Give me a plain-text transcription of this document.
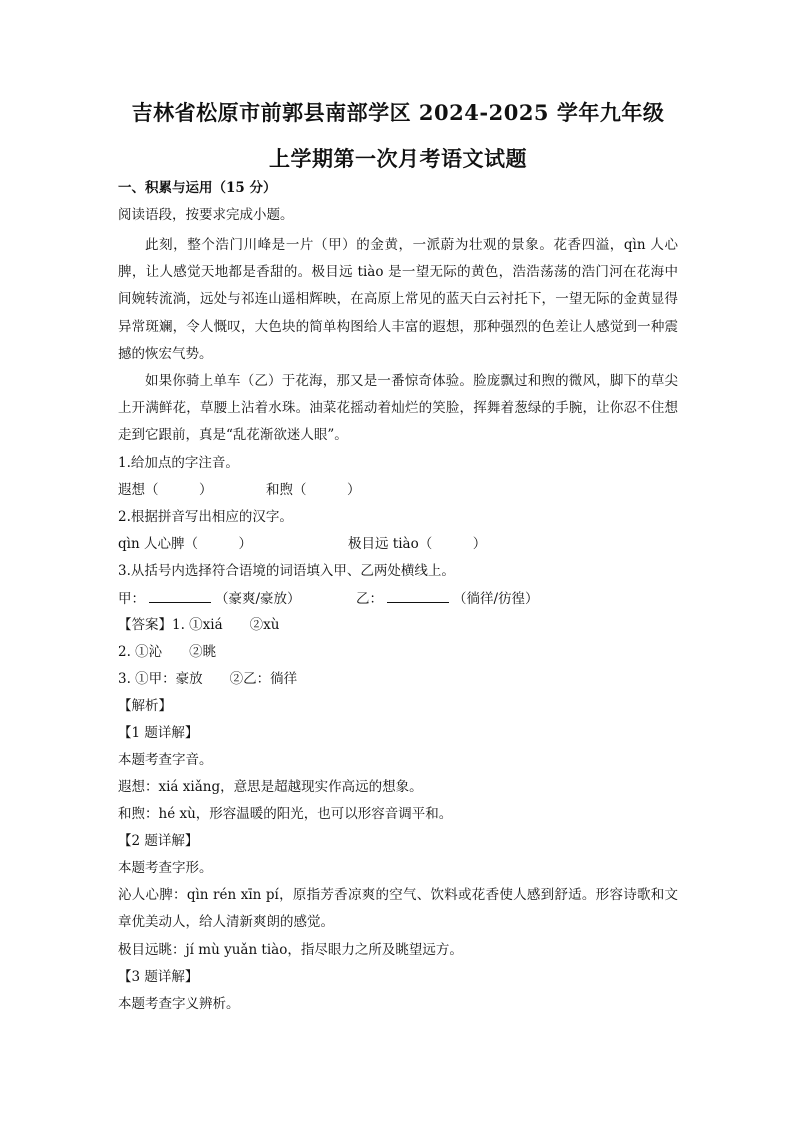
吉林省松原市前郭县南部学区 2024-2025 学年九年级
上学期第一次月考语文试题
一、积累与运用（15 分）
阅读语段，按要求完成小题。
此刻，整个浩门川峰是一片（甲）的金黄，一派蔚为壮观的景象。花香四溢，qìn 人心脾，让人感觉天地都是香甜的。极目远 tiào 是一望无际的黄色，浩浩荡荡的浩门河在花海中间婉转流淌，远处与祁连山遥相辉映，在高原上常见的蓝天白云衬托下，一望无际的金黄显得异常斑斓，令人慨叹，大色块的简单构图给人丰富的遐想，那种强烈的色差让人感觉到一种震撼的恢宏气势。
如果你骑上单车（乙）于花海，那又是一番惊奇体验。脸庞飘过和煦的微风，脚下的草尖上开满鲜花，草腰上沾着水珠。油菜花摇动着灿烂的笑脸，挥舞着葱绿的手腕，让你忍不住想走到它跟前，真是“乱花渐欲迷人眼”。
1.给加点的字注音。
遐想（　　　）	和煦（　　　）
2.根据拼音写出相应的汉字。
qìn 人心脾（　　　）	极目远 tiào（　　　）
3.从括号内选择符合语境的词语填入甲、乙两处横线上。
甲：	（豪爽/豪放）	乙：	（徜徉/彷徨）
【答案】1. ①xiá　　②xù
2. ①沁　　②眺
3. ①甲：豪放　　②乙：徜徉
【解析】
【1 题详解】
本题考查字音。
遐想：xiá xiǎng，意思是超越现实作高远的想象。
和煦：hé xù，形容温暖的阳光，也可以形容音调平和。
【2 题详解】
本题考查字形。
沁人心脾：qìn rén xīn pí，原指芳香凉爽的空气、饮料或花香使人感到舒适。形容诗歌和文章优美动人，给人清新爽朗的感觉。
极目远眺：jí mù yuǎn tiào，指尽眼力之所及眺望远方。
【3 题详解】
本题考查字义辨析。
